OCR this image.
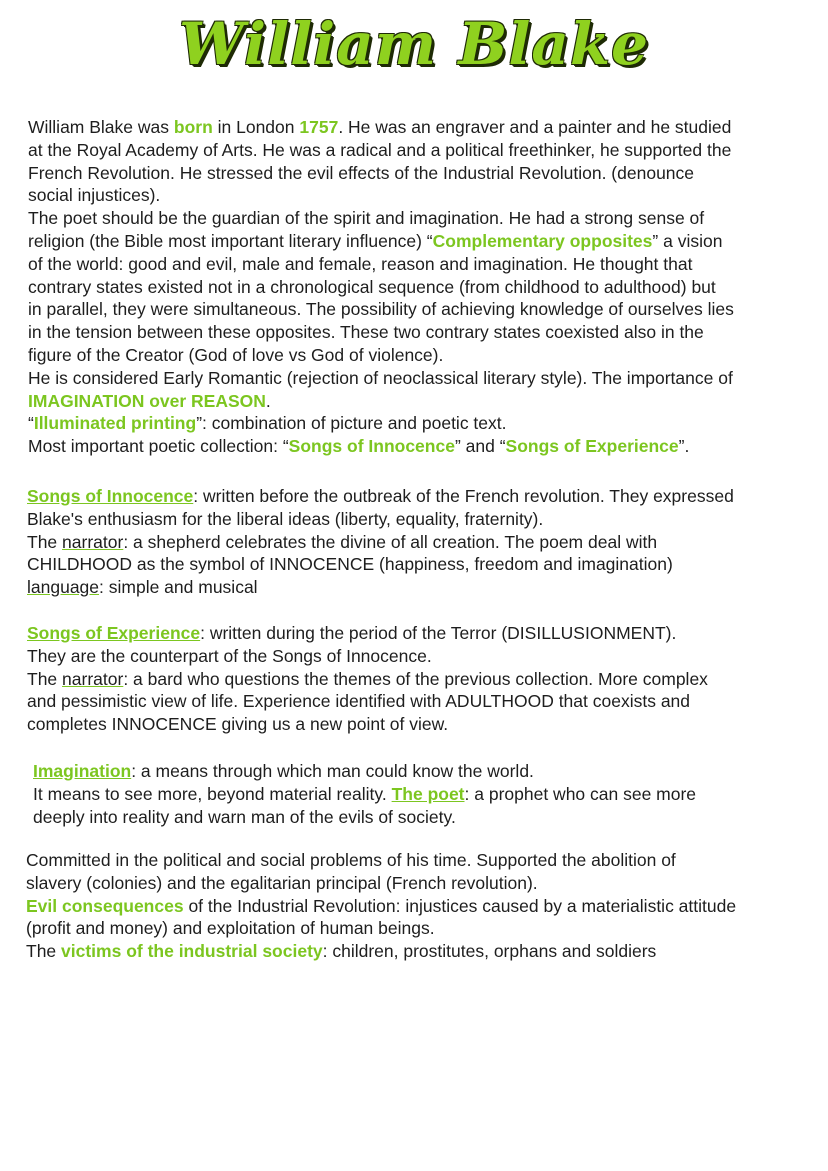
William Blake
William Blake was born in London 1757. He was an engraver and a painter and he studied
at the Royal Academy of Arts. He was a radical and a political freethinker, he supported the
French Revolution. He stressed the evil effects of the Industrial Revolution. (denounce
social injustices).
The poet should be the guardian of the spirit and imagination. He had a strong sense of
religion (the Bible most important literary influence) “Complementary opposites” a vision
of the world: good and evil, male and female, reason and imagination. He thought that
contrary states existed not in a chronological sequence (from childhood to adulthood) but
in parallel, they were simultaneous. The possibility of achieving knowledge of ourselves lies
in the tension between these opposites. These two contrary states coexisted also in the
figure of the Creator (God of love vs God of violence).
He is considered Early Romantic (rejection of neoclassical literary style). The importance of
IMAGINATION over REASON.
“Illuminated printing”: combination of picture and poetic text.
Most important poetic collection: “Songs of Innocence” and “Songs of Experience”.
Songs of Innocence: written before the outbreak of the French revolution. They expressed
Blake's enthusiasm for the liberal ideas (liberty, equality, fraternity).
The narrator: a shepherd celebrates the divine of all creation. The poem deal with
CHILDHOOD as the symbol of INNOCENCE (happiness, freedom and imagination)
language: simple and musical
Songs of Experience: written during the period of the Terror (DISILLUSIONMENT).
They are the counterpart of the Songs of Innocence.
The narrator: a bard who questions the themes of the previous collection. More complex
and pessimistic view of life. Experience identified with ADULTHOOD that coexists and
completes INNOCENCE giving us a new point of view.
Imagination: a means through which man could know the world.
It means to see more, beyond material reality. The poet: a prophet who can see more
deeply into reality and warn man of the evils of society.
Committed in the political and social problems of his time. Supported the abolition of
slavery (colonies) and the egalitarian principal (French revolution).
Evil consequences of the Industrial Revolution: injustices caused by a materialistic attitude
(profit and money) and exploitation of human beings.
The victims of the industrial society: children, prostitutes, orphans and soldiers
